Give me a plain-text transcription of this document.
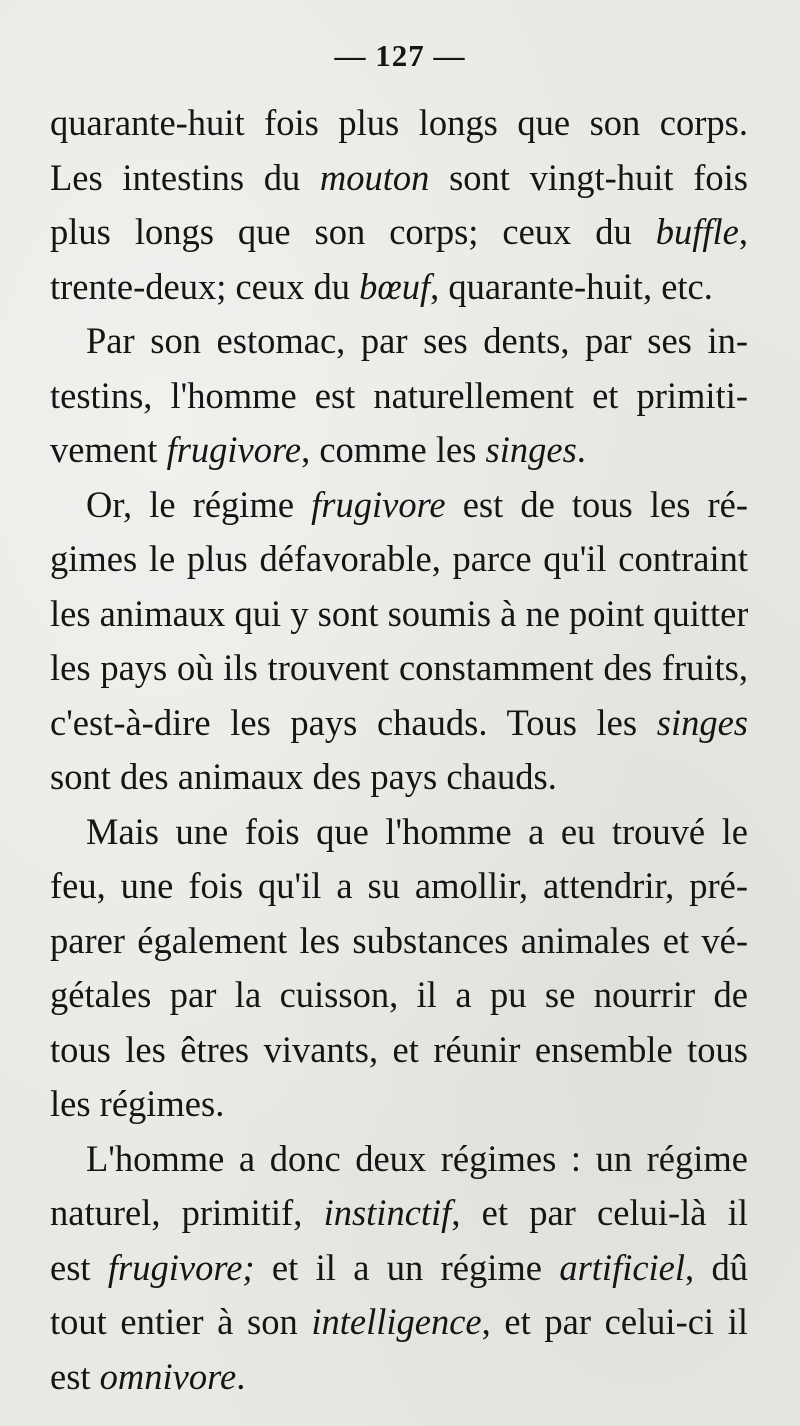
— 127 —
quarante-huit fois plus longs que son corps.
Les intestins du mouton sont vingt-huit fois
plus longs que son corps; ceux du buffle,
trente-deux; ceux du bœuf, quarante-huit, etc.
Par son estomac, par ses dents, par ses in-
testins, l'homme est naturellement et primiti-
vement frugivore, comme les singes.
Or, le régime frugivore est de tous les ré-
gimes le plus défavorable, parce qu'il contraint
les animaux qui y sont soumis à ne point quitter
les pays où ils trouvent constamment des fruits,
c'est-à-dire les pays chauds. Tous les singes
sont des animaux des pays chauds.
Mais une fois que l'homme a eu trouvé le
feu, une fois qu'il a su amollir, attendrir, pré-
parer également les substances animales et vé-
gétales par la cuisson, il a pu se nourrir de
tous les êtres vivants, et réunir ensemble tous
les régimes.
L'homme a donc deux régimes : un régime
naturel, primitif, instinctif, et par celui-là il
est frugivore; et il a un régime artificiel, dû
tout entier à son intelligence, et par celui-ci il
est omnivore.
